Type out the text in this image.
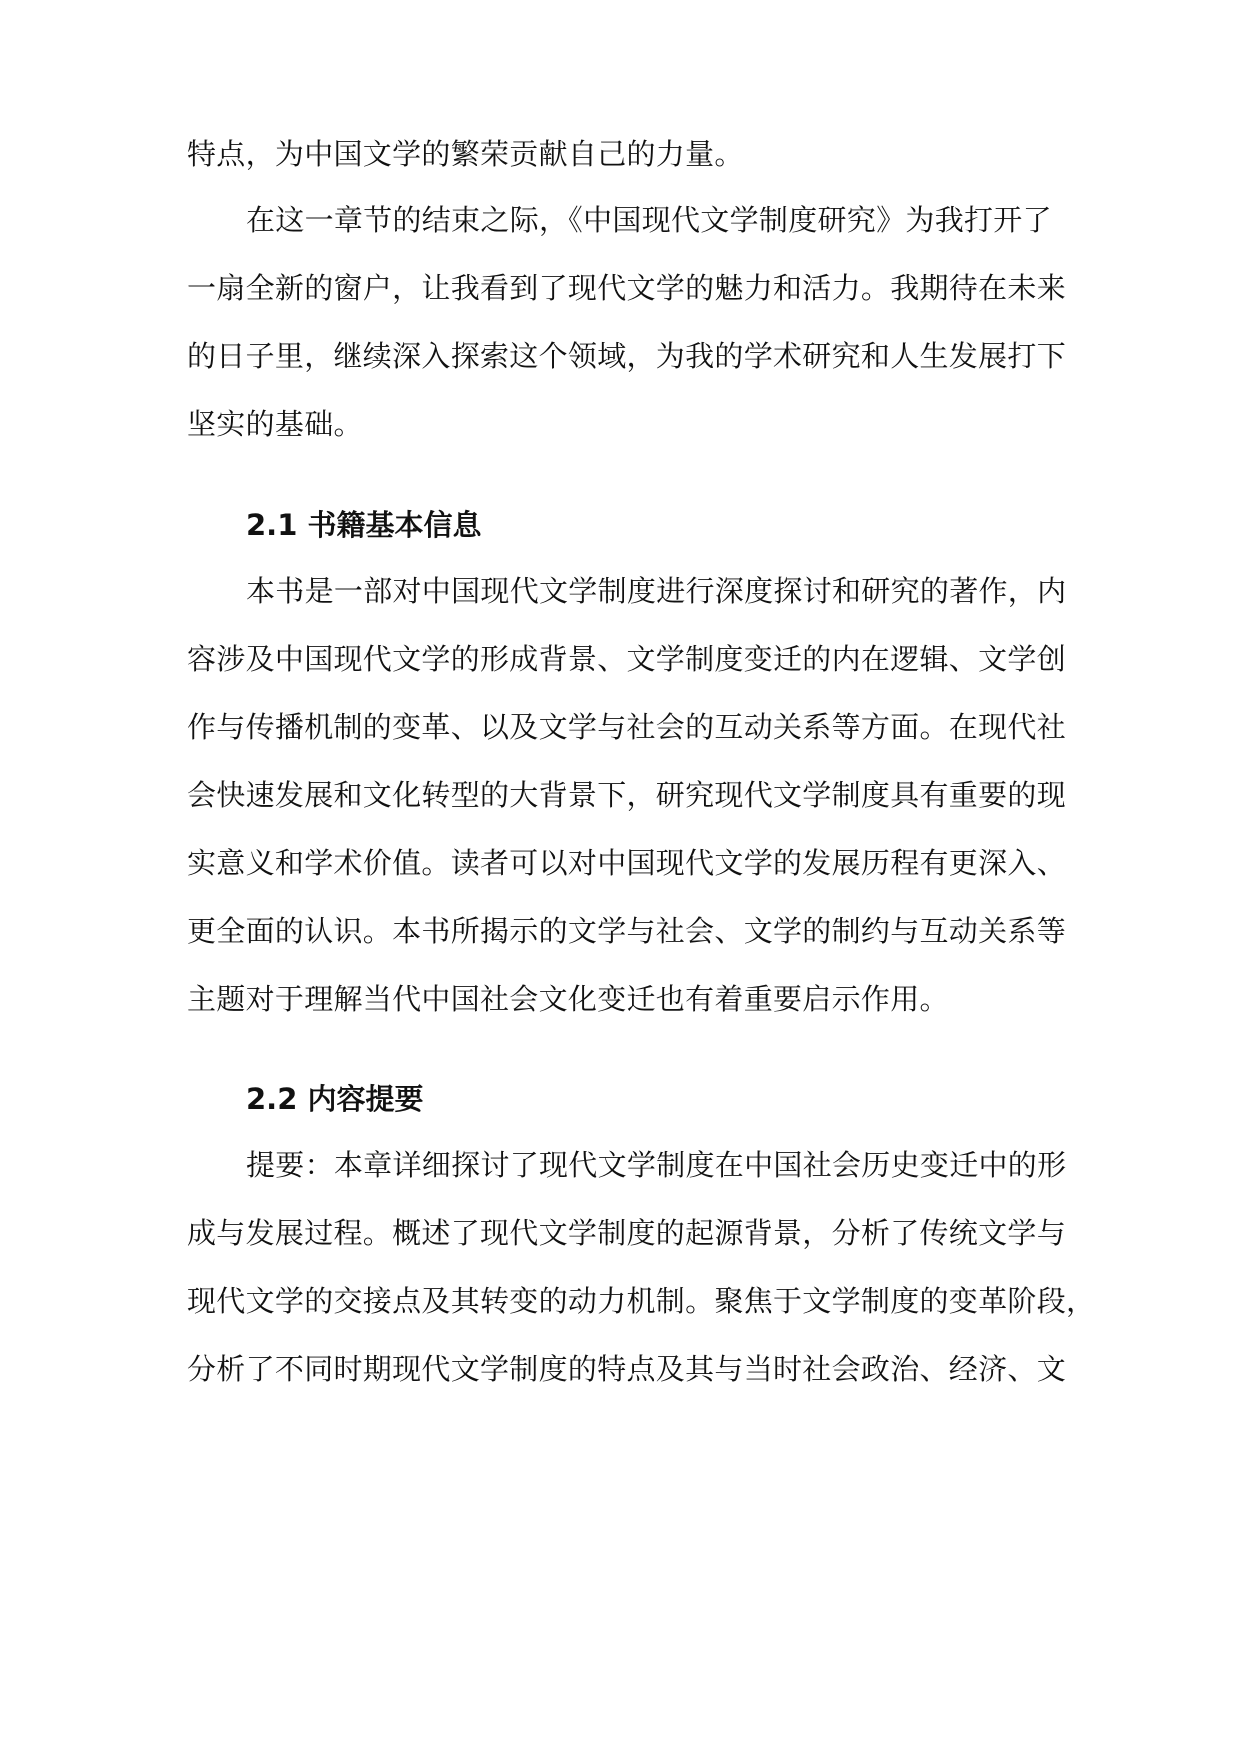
特点，为中国文学的繁荣贡献自己的力量。
在这一章节的结束之际，《中国现代文学制度研究》为我打开了
一扇全新的窗户，让我看到了现代文学的魅力和活力。我期待在未来
的日子里，继续深入探索这个领域，为我的学术研究和人生发展打下
坚实的基础。
2.1 书籍基本信息
本书是一部对中国现代文学制度进行深度探讨和研究的著作，内
容涉及中国现代文学的形成背景、文学制度变迁的内在逻辑、文学创
作与传播机制的变革、以及文学与社会的互动关系等方面。在现代社
会快速发展和文化转型的大背景下，研究现代文学制度具有重要的现
实意义和学术价值。读者可以对中国现代文学的发展历程有更深入、
更全面的认识。本书所揭示的文学与社会、文学的制约与互动关系等
主题对于理解当代中国社会文化变迁也有着重要启示作用。
2.2 内容提要
提要：本章详细探讨了现代文学制度在中国社会历史变迁中的形
成与发展过程。概述了现代文学制度的起源背景，分析了传统文学与
现代文学的交接点及其转变的动力机制。聚焦于文学制度的变革阶段，
分析了不同时期现代文学制度的特点及其与当时社会政治、经济、文
